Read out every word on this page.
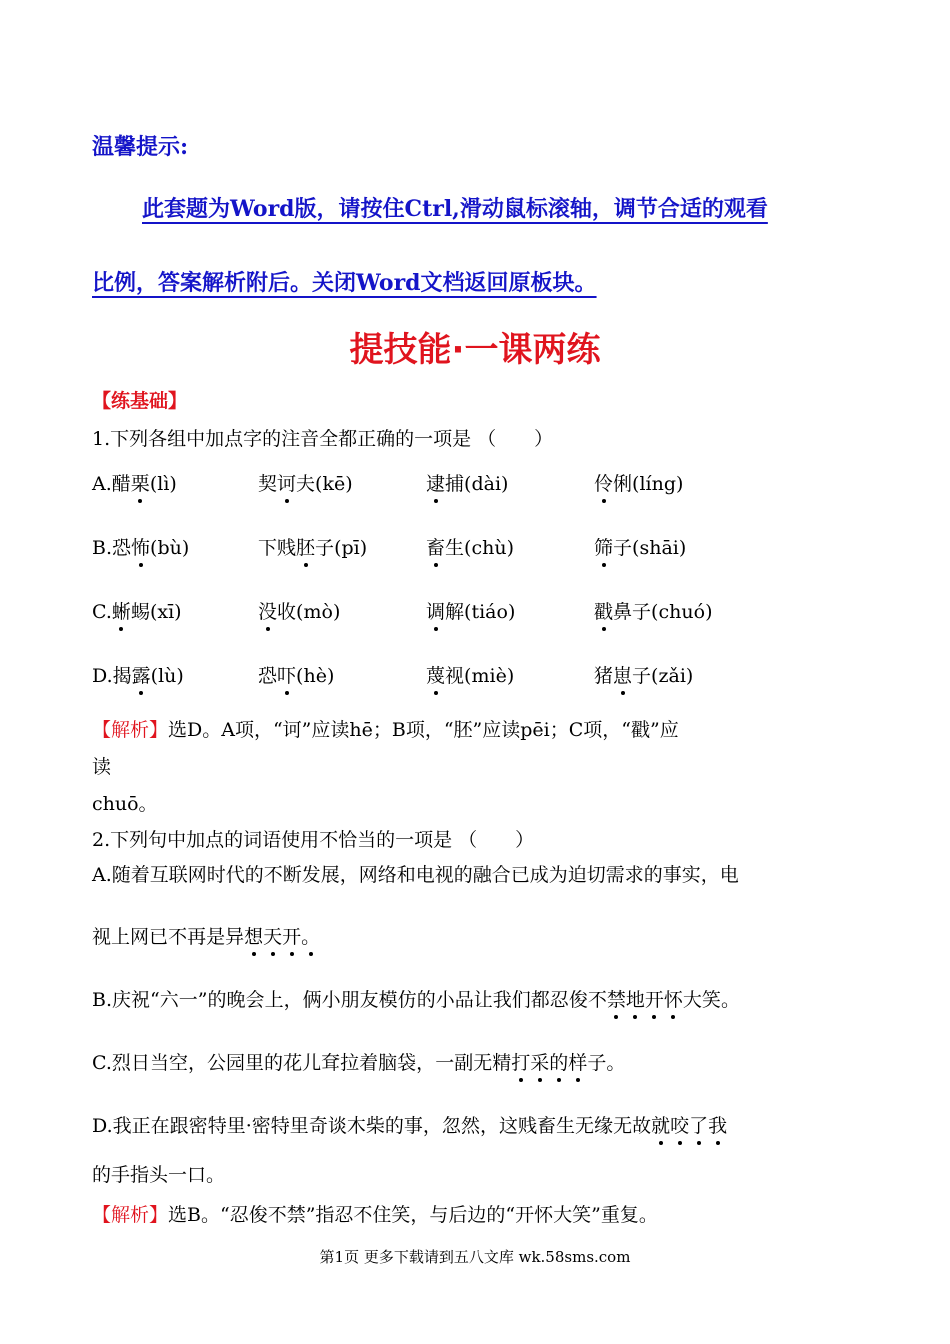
温馨提示:
此套题为Word版，请按住Ctrl,滑动鼠标滚轴，调节合适的观看
比例，答案解析附后。关闭Word文档返回原板块。
提技能·一课两练
【练基础】
1.下列各组中加点字的注音全都正确的一项是 （　　）
A.醋栗(lì)	契诃夫(kē)	逮捕(dài)	伶俐(líng)
B.恐怖(bù)	下贱胚子(pī)	畜生(chù)	筛子(shāi)
C.蜥蜴(xī)	没收(mò)	调解(tiáo)	戳鼻子(chuó)
D.揭露(lù)	恐吓(hè)	蔑视(miè)	猪崽子(zǎi)
【解析】选D。A项，“诃”应读hē；B项，“胚”应读pēi；C项，“戳”应
读
chuō。
2.下列句中加点的词语使用不恰当的一项是 （　　）
A.随着互联网时代的不断发展，网络和电视的融合已成为迫切需求的事实，电
视上网已不再是异想天开。
B.庆祝“六一”的晚会上，俩小朋友模仿的小品让我们都忍俊不禁地开怀大笑。
C.烈日当空，公园里的花儿耷拉着脑袋，一副无精打采的样子。
D.我正在跟密特里·密特里奇谈木柴的事，忽然，这贱畜生无缘无故就咬了我
的手指头一口。
【解析】选B。“忍俊不禁”指忍不住笑，与后边的“开怀大笑”重复。
第1页 更多下载请到五八文库 wk.58sms.com
